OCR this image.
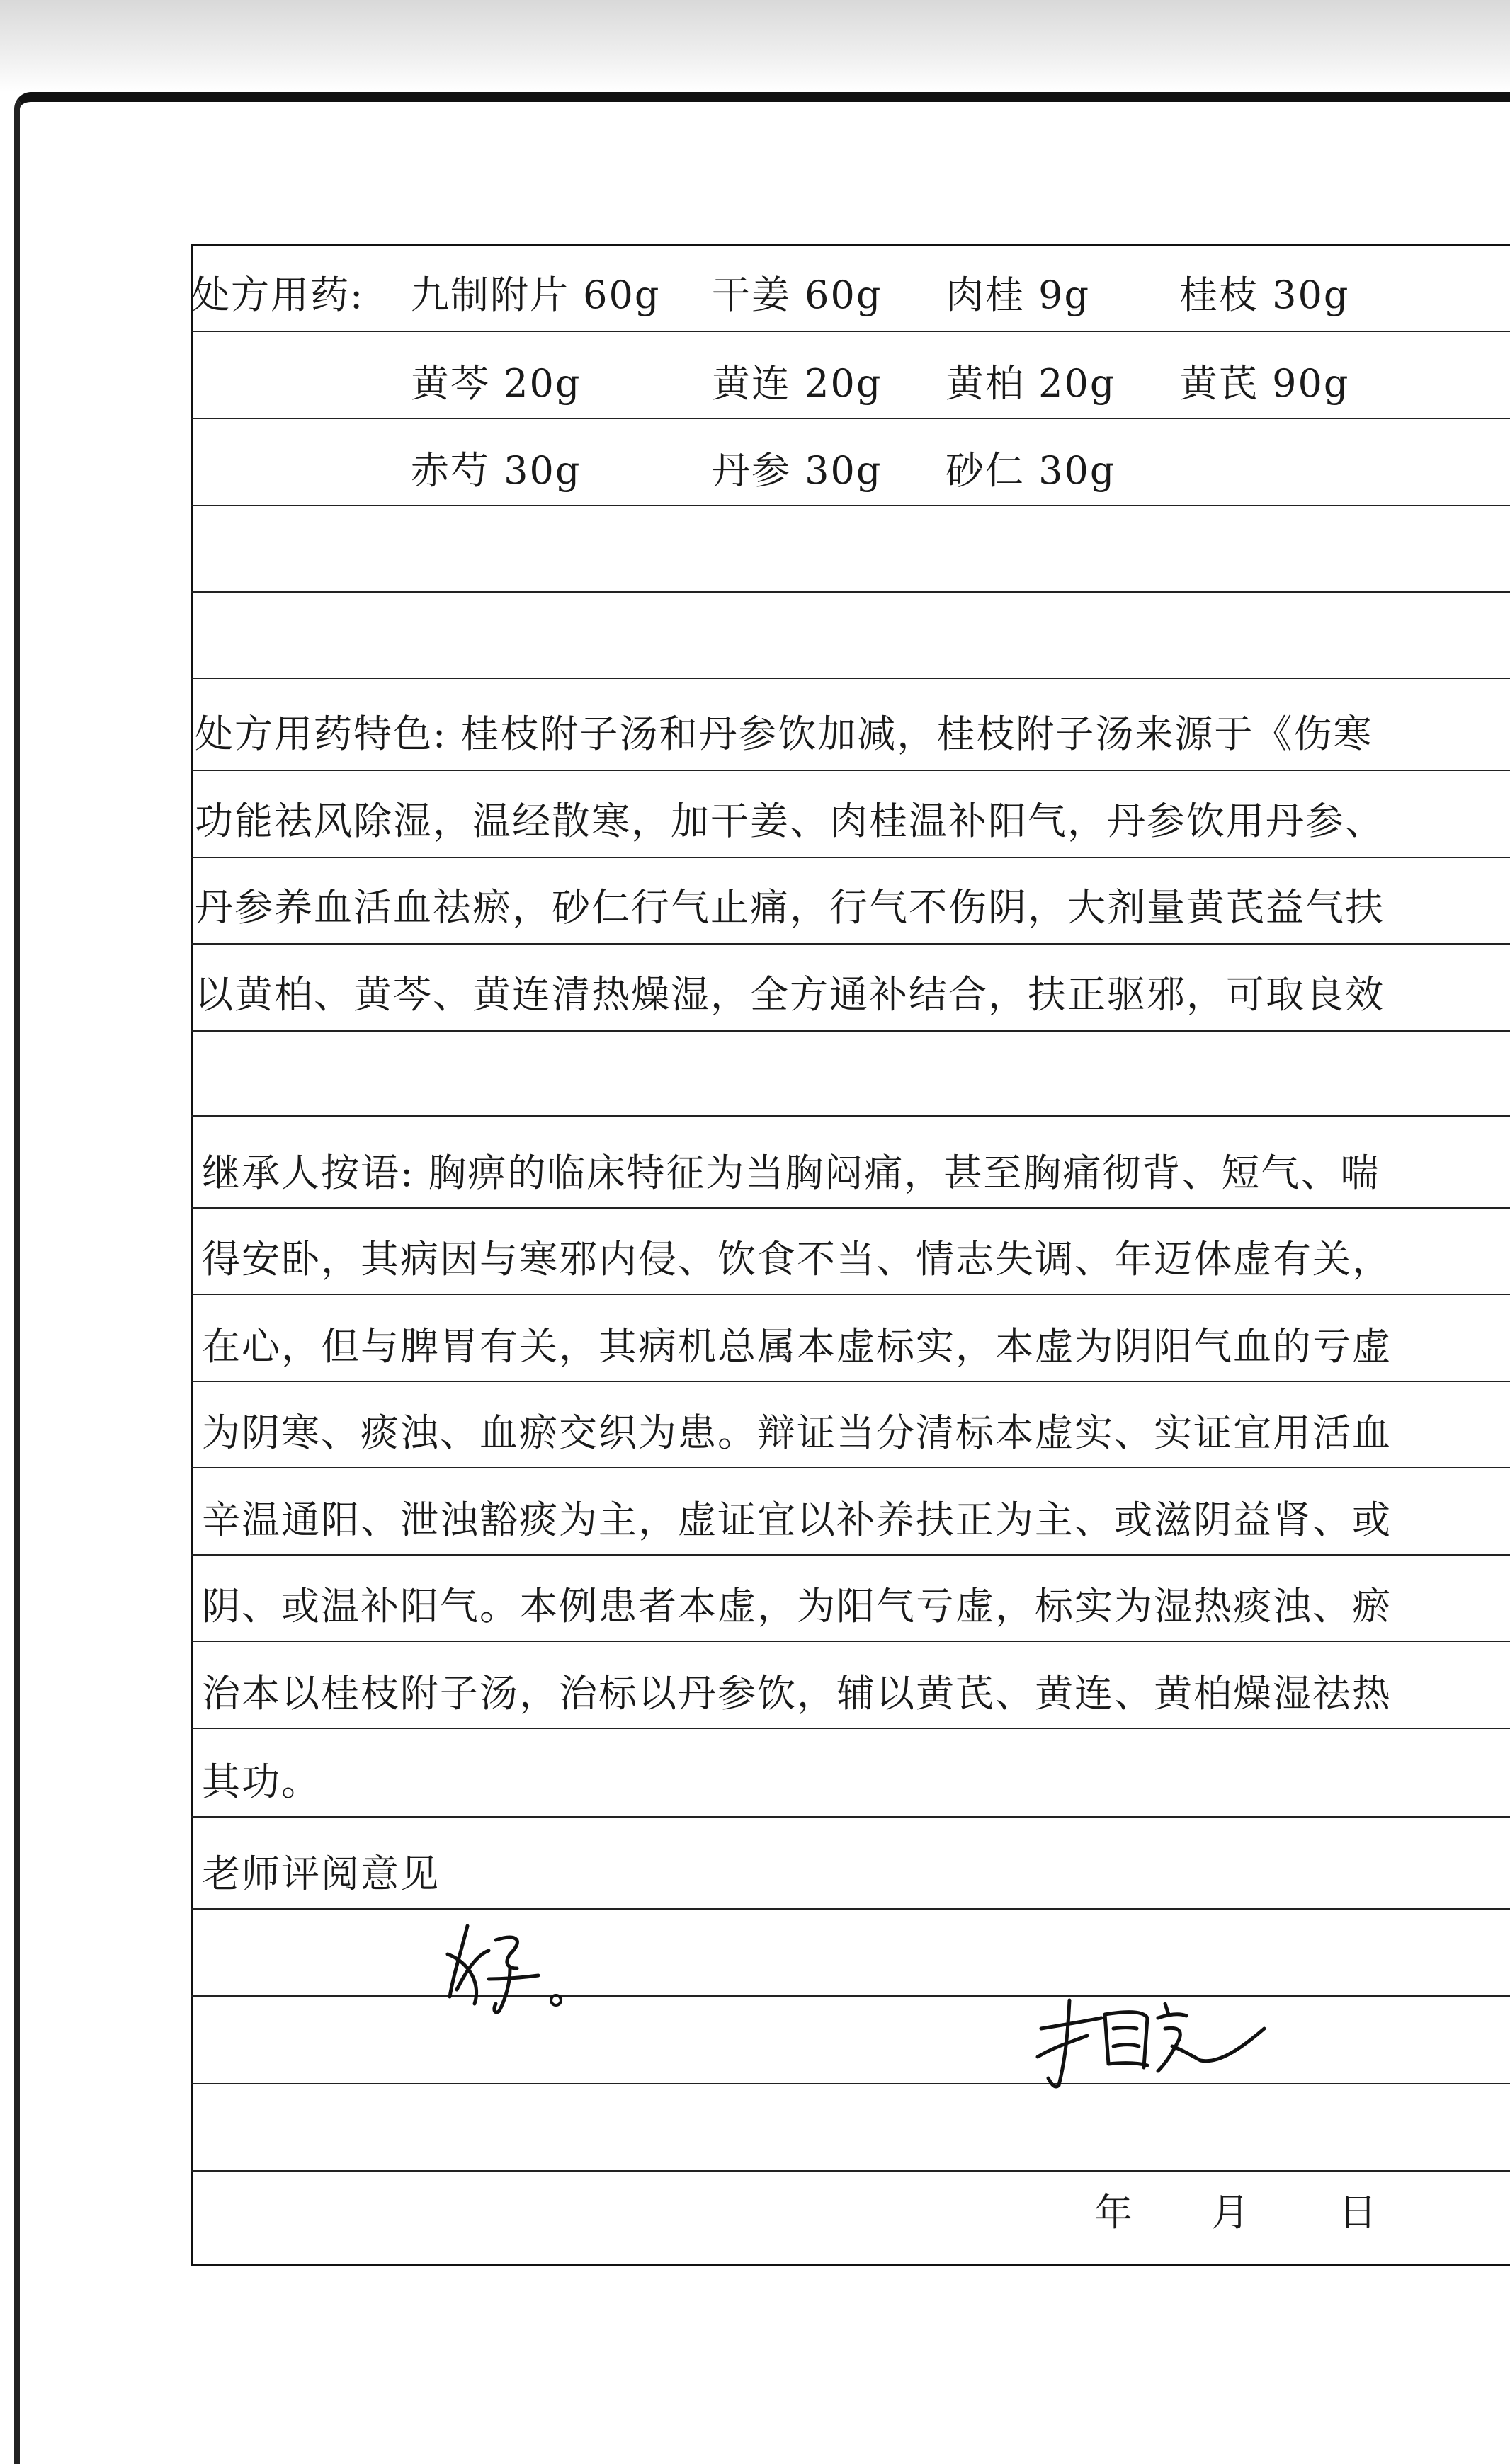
处方用药: 九制附片 60g 干姜 60g 肉桂 9g 桂枝 30g
黄芩 20g	黄连 20g 黄柏 20g 黄芪 90g
赤芍 30g	丹参 30g 砂仁 30g
处方用药特色: 桂枝附子汤和丹参饮加减，桂枝附子汤来源于《伤寒
功能祛风除湿，温经散寒，加干姜、肉桂温补阳气，丹参饮用丹参、
丹参养血活血祛瘀，砂仁行气止痛，行气不伤阴，大剂量黄芪益气扶
以黄柏、黄芩、黄连清热燥湿，全方通补结合，扶正驱邪，可取良效
继承人按语: 胸痹的临床特征为当胸闷痛，甚至胸痛彻背、短气、喘
得安卧，其病因与寒邪内侵、饮食不当、情志失调、年迈体虚有关，
在心，但与脾胃有关，其病机总属本虚标实，本虚为阴阳气血的亏虚
为阴寒、痰浊、血瘀交织为患。辩证当分清标本虚实、实证宜用活血
辛温通阳、泄浊豁痰为主，虚证宜以补养扶正为主、或滋阴益肾、或
阴、或温补阳气。本例患者本虚，为阳气亏虚，标实为湿热痰浊、瘀
治本以桂枝附子汤，治标以丹参饮，辅以黄芪、黄连、黄柏燥湿祛热
其功。
老师评阅意见
年 月 日
